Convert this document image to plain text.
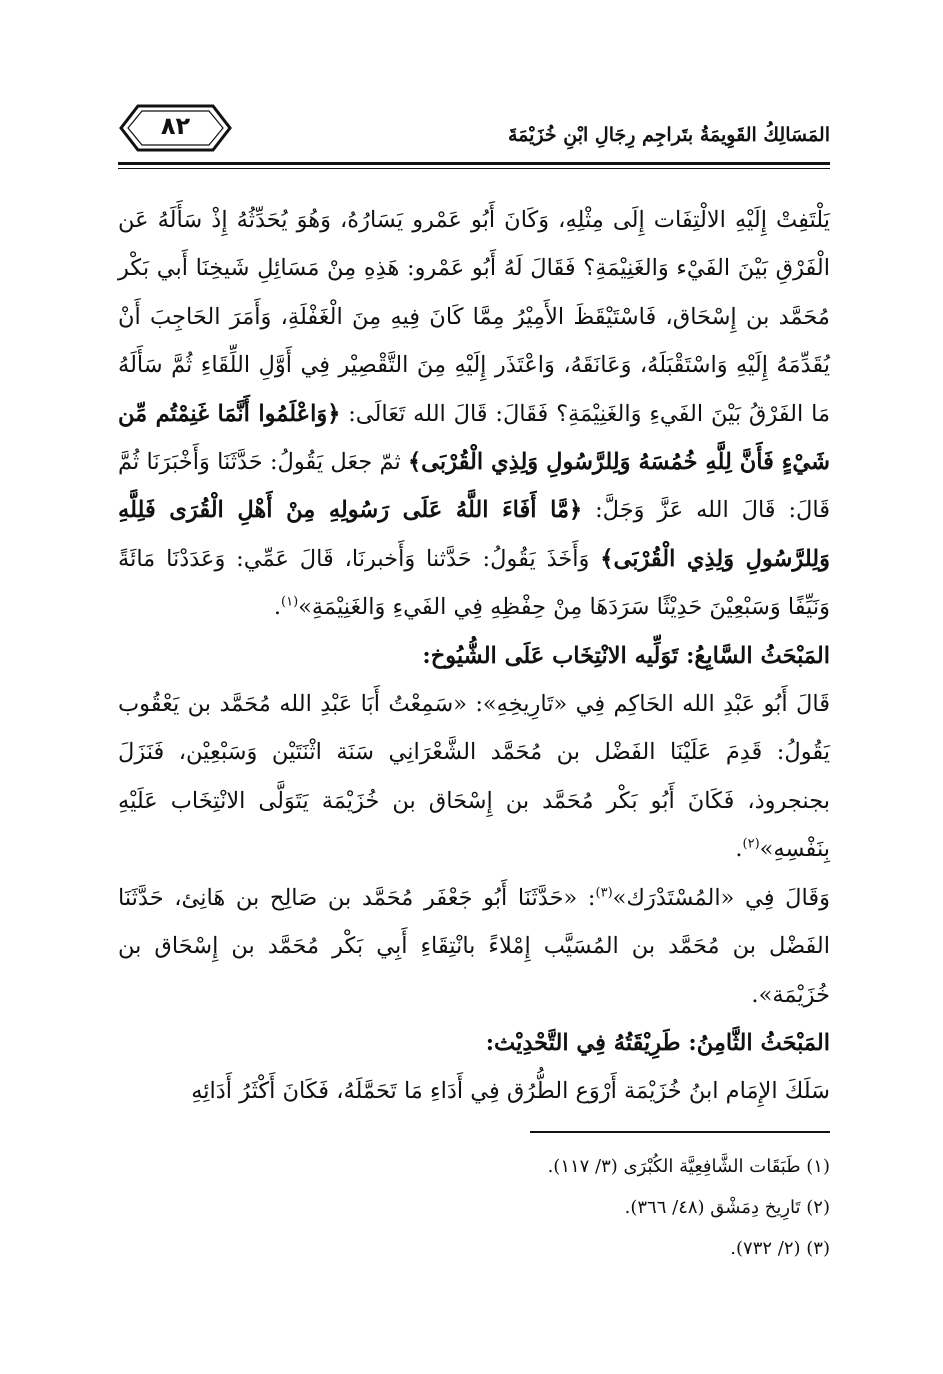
المَسَالِكُ القَوِيمَةُ بتَراجِم رِجَالِ ابْنِ خُزَيْمَةَ
٨٢

يَلْتَفِتْ إِلَيْهِ الالْتِفَات إِلَى مِثْلِهِ، وَكَانَ أَبُو عَمْرو يَسَارُهُ، وَهُوَ يُحَدِّثُهُ إِذْ سَأَلَهُ عَن الْفَرْقِ بَيْنَ الفَيْء وَالغَنِيْمَةِ؟ فَقَالَ لَهُ أَبُو عَمْرو: هَذِهِ مِنْ مَسَائِلِ شَيخِنَا أَبي بَكْر مُحَمَّد بن إِسْحَاق، فَاسْتَيْقَظَ الأَمِيْرُ مِمَّا كَانَ فِيهِ مِنَ الْغَفْلَةِ، وَأَمَرَ الحَاجِبَ أَنْ يُقَدِّمَهُ إِلَيْهِ وَاسْتَقْبَلَهُ، وَعَانَقَهُ، وَاعْتَذَر إِلَيْهِ مِنَ التَّقْصِيْر فِي أَوَّلِ اللِّقَاءِ ثُمَّ سَأَلَهُ مَا الفَرْقُ بَيْنَ الفَيءِ وَالغَنِيْمَةِ؟ فَقَالَ: قَالَ الله تَعَالَى: ﴿وَاعْلَمُوا أَنَّمَا غَنِمْتُم مِّن شَيْءٍ فَأَنَّ لِلَّهِ خُمُسَهُ وَلِلرَّسُولِ وَلِذِي الْقُرْبَى﴾ ثمّ جعَل يَقُولُ: حَدَّثَنَا وَأَخْبَرَنَا ثُمَّ قَالَ: قَالَ الله عَزَّ وَجَلَّ: ﴿مَّا أَفَاءَ اللَّهُ عَلَى رَسُولِهِ مِنْ أَهْلِ الْقُرَى فَلِلَّهِ وَلِلرَّسُولِ وَلِذِي الْقُرْبَى﴾ وَأَخَذَ يَقُولُ: حَدَّثنا وَأَخبرنَا، قَالَ عَمِّي: وَعَدَدْنَا مَائَةً وَنَيِّفًا وَسَبْعِيْنَ حَدِيْثًا سَرَدَهَا مِنْ حِفْظِهِ فِي الفَيءِ وَالغَنِيْمَةِ»$^{(١)}$.

المَبْحَثُ السَّابِعُ: تَوَلِّيه الانْتِخَاب عَلَى الشُّيُوخ:

قَالَ أَبُو عَبْدِ الله الحَاكِم فِي «تَارِيخِهِ»: «سَمِعْتُ أَبَا عَبْدِ الله مُحَمَّد بن يَعْقُوب يَقُولُ: قَدِمَ عَلَيْنَا الفَضْل بن مُحَمَّد الشَّعْرَانِي سَنَة اثْنَتَيْن وَسَبْعِيْن، فَنَزَلَ بجنجروذ، فَكَانَ أَبُو بَكْر مُحَمَّد بن إِسْحَاق بن خُزَيْمَة يَتَوَلَّى الانْتِخَاب عَلَيْهِ بِنَفْسِهِ»$^{(٢)}$.

وَقَالَ فِي «المُسْتَدْرَك»$^{(٣)}$: «حَدَّثَنَا أَبُو جَعْفَر مُحَمَّد بن صَالِح بن هَانِئ، حَدَّثَنَا الفَضْل بن مُحَمَّد بن المُسَيَّب إِمْلاءً بانْتِقَاءِ أَبِي بَكْر مُحَمَّد بن إِسْحَاق بن خُزَيْمَة».

المَبْحَثُ الثَّامِنُ: طَرِيْقَتُهُ فِي التَّحْدِيْث:

سَلَكَ الإِمَام ابنُ خُزَيْمَة أَرْوَع الطُّرُق فِي أَدَاءِ مَا تَحَمَّلَهُ، فَكَانَ أَكْثَرُ أَدَائِهِ

(١) طَبَقَات الشَّافِعِيَّة الكُبْرَى (٣/ ١١٧).
(٢) تَارِيخ دِمَشْق (٤٨/ ٣٦٦).
(٣) (٢/ ٧٣٢).
